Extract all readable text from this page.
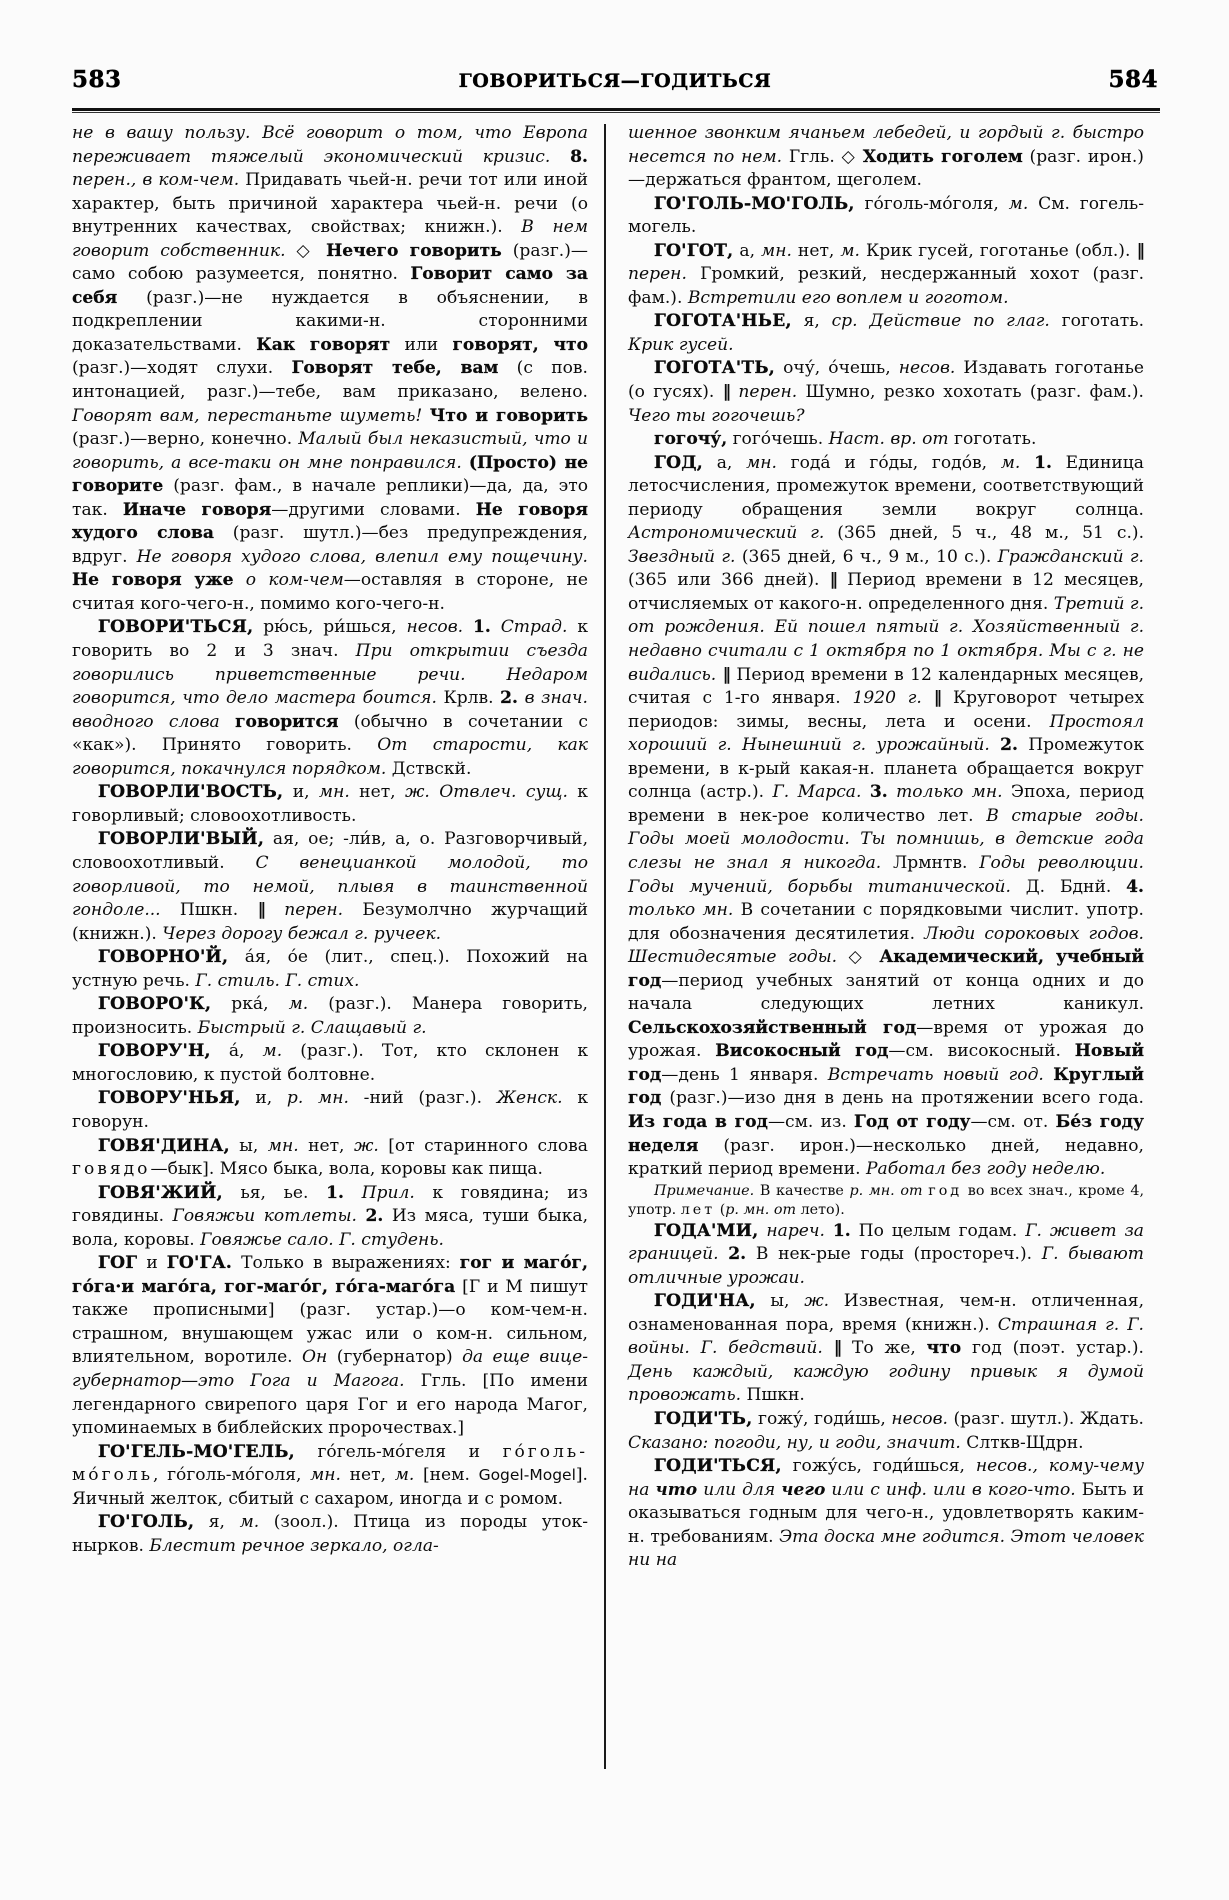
583	ГОВОРИТЬСЯ—ГОДИТЬСЯ	584
не в вашу пользу. Всё говорит о том, что Европа переживает тяжелый экономический кризис. 8. перен., в ком-чем. Придавать чьей-н. речи тот или иной характер, быть причиной характера чьей-н. речи (о внутренних качествах, свойствах; книжн.). В нем говорит собственник. ◇ Нечего говорить (разг.)—само собою разумеется, понятно. Говорит само за себя (разг.)—не нуждается в объяснении, в подкреплении какими-н. сторонними доказательствами. Как говорят или говорят, что (разг.)—ходят слухи. Говорят тебе, вам (с пов. интонацией, разг.)—тебе, вам приказано, велено. Говорят вам, перестаньте шуметь! Что и говорить (разг.)—верно, конечно. Малый был неказистый, что и говорить, а все-таки он мне понравился. (Просто) не говорите (разг. фам., в начале реплики)—да, да, это так. Иначе говоря—другими словами. Не говоря худого слова (разг. шутл.)—без предупреждения, вдруг. Не говоря худого слова, влепил ему пощечину. Не говоря уже о ком-чем—оставляя в стороне, не считая кого-чего-н., помимо кого-чего-н.
ГОВОРИ'ТЬСЯ, рю́сь, ри́шься, несов. 1. Страд. к говорить во 2 и 3 знач. При открытии съезда говорились приветственные речи. Недаром говорится, что дело мастера боится. Крлв. 2. в знач. вводного слова говорится (обычно в сочетании с «как»). Принято говорить. От старости, как говорится, покачнулся порядком. Дствскй.
ГОВОРЛИ'ВОСТЬ, и, мн. нет, ж. Отвлеч. сущ. к говорливый; словоохотливость.
ГОВОРЛИ'ВЫЙ, ая, ое; -ли́в, а, о. Разговорчивый, словоохотливый. С венецианкой молодой, то говорливой, то немой, плывя в таинственной гондоле... Пшкн. ‖ перен. Безумолчно журчащий (книжн.). Через дорогу бежал г. ручеек.
ГОВОРНО'Й, а́я, о́е (лит., спец.). Похожий на устную речь. Г. стиль. Г. стих.
ГОВОРО'К, рка́, м. (разг.). Манера говорить, произносить. Быстрый г. Слащавый г.
ГОВОРУ'Н, а́, м. (разг.). Тот, кто склонен к многословию, к пустой болтовне.
ГОВОРУ'НЬЯ, и, р. мн. -ний (разг.). Женск. к говорун.
ГОВЯ'ДИНА, ы, мн. нет, ж. [от старинного слова говядо—бык]. Мясо быка, вола, коровы как пища.
ГОВЯ'ЖИЙ, ья, ье. 1. Прил. к говядина; из говядины. Говяжьи котлеты. 2. Из мяса, туши быка, вола, коровы. Говяжье сало. Г. студень.
ГОГ и ГО'ГА. Только в выражениях: гог и маго́г, го́га·и маго́га, гог-маго́г, го́га-маго́га [Г и М пишут также прописными] (разг. устар.)—о ком-чем-н. страшном, внушающем ужас или о ком-н. сильном, влиятельном, воротиле. Он (губернатор) да еще вице-губернатор—это Гога и Магога. Ггль. [По имени легендарного свирепого царя Гог и его народа Магог, упоминаемых в библейских пророчествах.]
ГО'ГЕЛЬ-МО'ГЕЛЬ, го́гель-мо́геля и го́голь-мо́голь, го́голь-мо́голя, мн. нет, м. [нем. Gogel-Mogel]. Яичный желток, сбитый с сахаром, иногда и с ромом.
ГО'ГОЛЬ, я, м. (зоол.). Птица из породы уток-нырков. Блестит речное зеркало, огла-
шенное звонким ячаньем лебедей, и гордый г. быстро несется по нем. Ггль. ◇ Ходить гоголем (разг. ирон.)—держаться франтом, щеголем.
ГО'ГОЛЬ-МО'ГОЛЬ, го́голь-мо́голя, м. См. гогель-могель.
ГО'ГОТ, а, мн. нет, м. Крик гусей, гоготанье (обл.). ‖ перен. Громкий, резкий, несдержанный хохот (разг. фам.). Встретили его воплем и гоготом.
ГОГОТА'НЬЕ, я, ср. Действие по глаг. гоготать. Крик гусей.
ГОГОТА'ТЬ, очу́, о́чешь, несов. Издавать гоготанье (о гусях). ‖ перен. Шумно, резко хохотать (разг. фам.). Чего ты гогочешь?
гогочу́, гого́чешь. Наст. вр. от гоготать.
ГОД, а, мн. года́ и го́ды, годо́в, м. 1. Единица летосчисления, промежуток времени, соответствующий периоду обращения земли вокруг солнца. Астрономический г. (365 дней, 5 ч., 48 м., 51 с.). Звездный г. (365 дней, 6 ч., 9 м., 10 с.). Гражданский г. (365 или 366 дней). ‖ Период времени в 12 месяцев, отчисляемых от какого-н. определенного дня. Третий г. от рождения. Ей пошел пятый г. Хозяйственный г. недавно считали с 1 октября по 1 октября. Мы с г. не видались. ‖ Период времени в 12 календарных месяцев, считая с 1-го января. 1920 г. ‖ Круговорот четырех периодов: зимы, весны, лета и осени. Простоял хороший г. Нынешний г. урожайный. 2. Промежуток времени, в к-рый какая-н. планета обращается вокруг солнца (астр.). Г. Марса. 3. только мн. Эпоха, период времени в нек-рое количество лет. В старые годы. Годы моей молодости. Ты помнишь, в детские года слезы не знал я никогда. Лрмнтв. Годы революции. Годы мучений, борьбы титанической. Д. Бднй. 4. только мн. В сочетании с порядковыми числит. употр. для обозначения десятилетия. Люди сороковых годов. Шестидесятые годы. ◇ Академический, учебный год—период учебных занятий от конца одних и до начала следующих летних каникул. Сельскохозяйственный год—время от урожая до урожая. Високосный год—см. високосный. Новый год—день 1 января. Встречать новый год. Круглый год (разг.)—изо дня в день на протяжении всего года. Из года в год—см. из. Год от году—см. от. Бе́з году неделя (разг. ирон.)—несколько дней, недавно, краткий период времени. Работал без году неделю.
Примечание. В качестве р. мн. от год во всех знач., кроме 4, употр. лет (р. мн. от лето).
ГОДА'МИ, нареч. 1. По целым годам. Г. живет за границей. 2. В нек-рые годы (простореч.). Г. бывают отличные урожаи.
ГОДИ'НА, ы, ж. Известная, чем-н. отличенная, ознаменованная пора, время (книжн.). Страшная г. Г. войны. Г. бедствий. ‖ То же, что год (поэт. устар.). День каждый, каждую годину привык я думой провожать. Пшкн.
ГОДИ'ТЬ, гожу́, годи́шь, несов. (разг. шутл.). Ждать. Сказано: погоди, ну, и годи, значит. Слткв-Щдрн.
ГОДИ'ТЬСЯ, гожу́сь, годи́шься, несов., кому-чему на что или для чего или с инф. или в кого-что. Быть и оказываться годным для чего-н., удовлетворять каким-н. требованиям. Эта доска мне годится. Этот человек ни на
